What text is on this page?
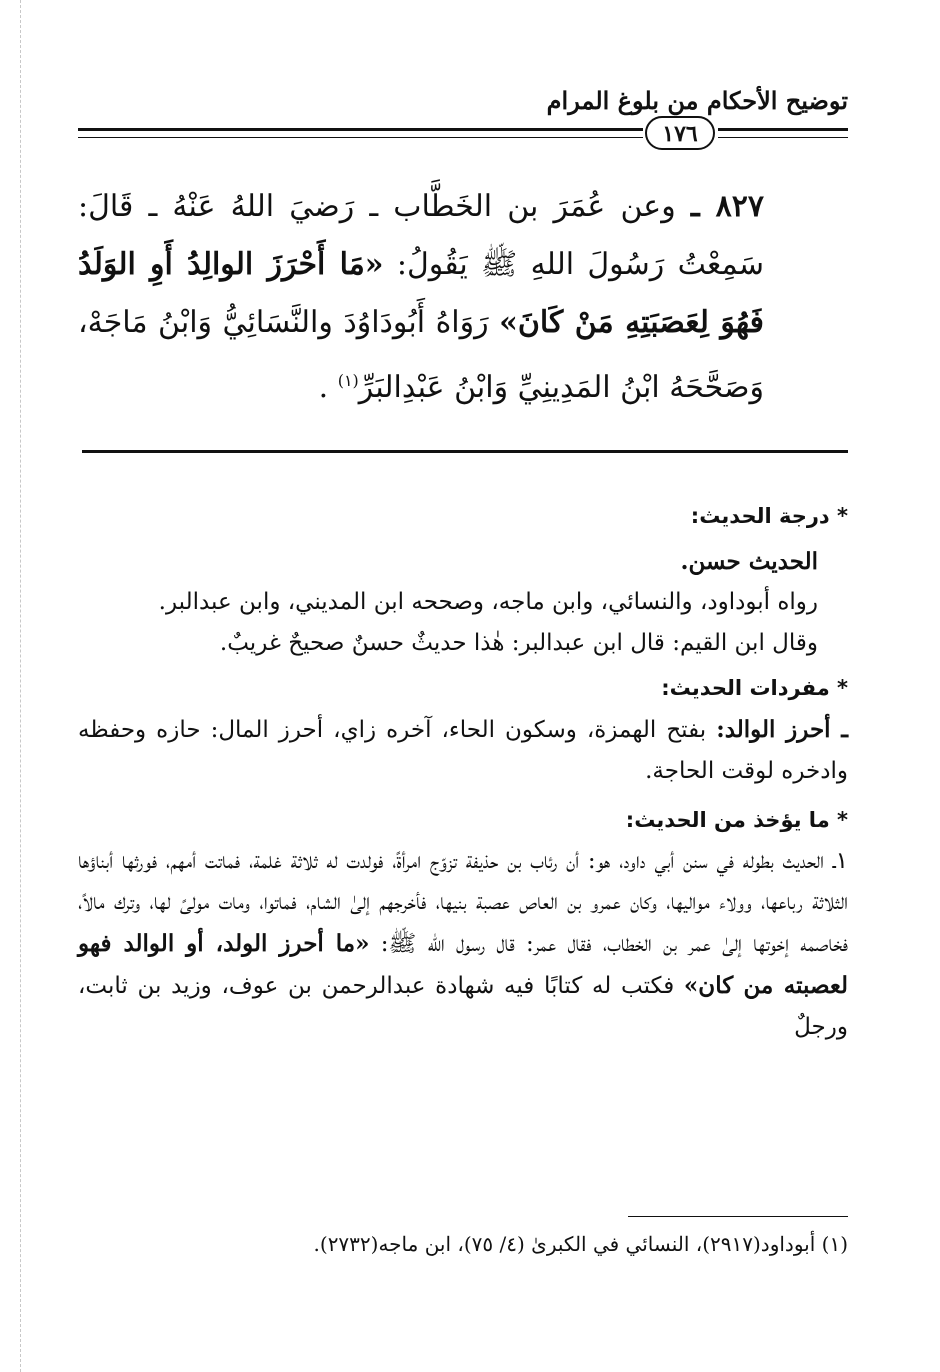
توضيح الأحكام من بلوغ المرام
١٧٦
٨٢٧ ـ وعن عُمَرَ بن الخَطَّاب ـ رَضيَ اللهُ عَنْهُ ـ قَالَ: سَمِعْتُ رَسُولَ اللهِ ﷺ يَقُولُ: «مَا أَحْرَزَ الوالِدُ أَوِ الوَلَدُ فَهُوَ لِعَصَبَتِهِ مَنْ كَانَ» رَوَاهُ أَبُودَاوُدَ والنَّسَائِيُّ وَابْنُ مَاجَهْ، وَصَحَّحَهُ ابْنُ المَدِينِيِّ وَابْنُ عَبْدِالبَرِّ$^{(١)}$ .

* درجة الحديث:

الحديث حسن.

رواه أبوداود، والنسائي، وابن ماجه، وصححه ابن المديني، وابن عبدالبر.

وقال ابن القيم: قال ابن عبدالبر: هٰذا حديثٌ حسنٌ صحيحٌ غريبٌ.

* مفردات الحديث:

ـ أحرز الوالد: بفتح الهمزة، وسكون الحاء، آخره زاي، أحرز المال: حازه وحفظه وادخره لوقت الحاجة.

* ما يؤخذ من الحديث:

١ـ الحديث بطوله في سنن أبي داود، هو: أن رئاب بن حذيفة تزوّج امرأةً، فولدت له ثلاثة غلمة، فماتت أمهم، فورثها أبناؤها الثلاثة رباعها، وولاء مواليها، وكان عمرو بن العاص عصبة بنيها، فأخرجهم إلىٰ الشام، فماتوا، ومات مولىً لها، وترك مالاً، فخاصمه إخوتها إلىٰ عمر بن الخطاب، فقال عمر: قال رسول الله ﷺ: «ما أحرز الولد، أو الوالد فهو لعصبته من كان» فكتب له كتابًا فيه شهادة عبدالرحمن بن عوف، وزيد بن ثابت، ورجلٌ

(١) أبوداود(٢٩١٧)، النسائي في الكبرىٰ (٤/ ٧٥)، ابن ماجه(٢٧٣٢).
